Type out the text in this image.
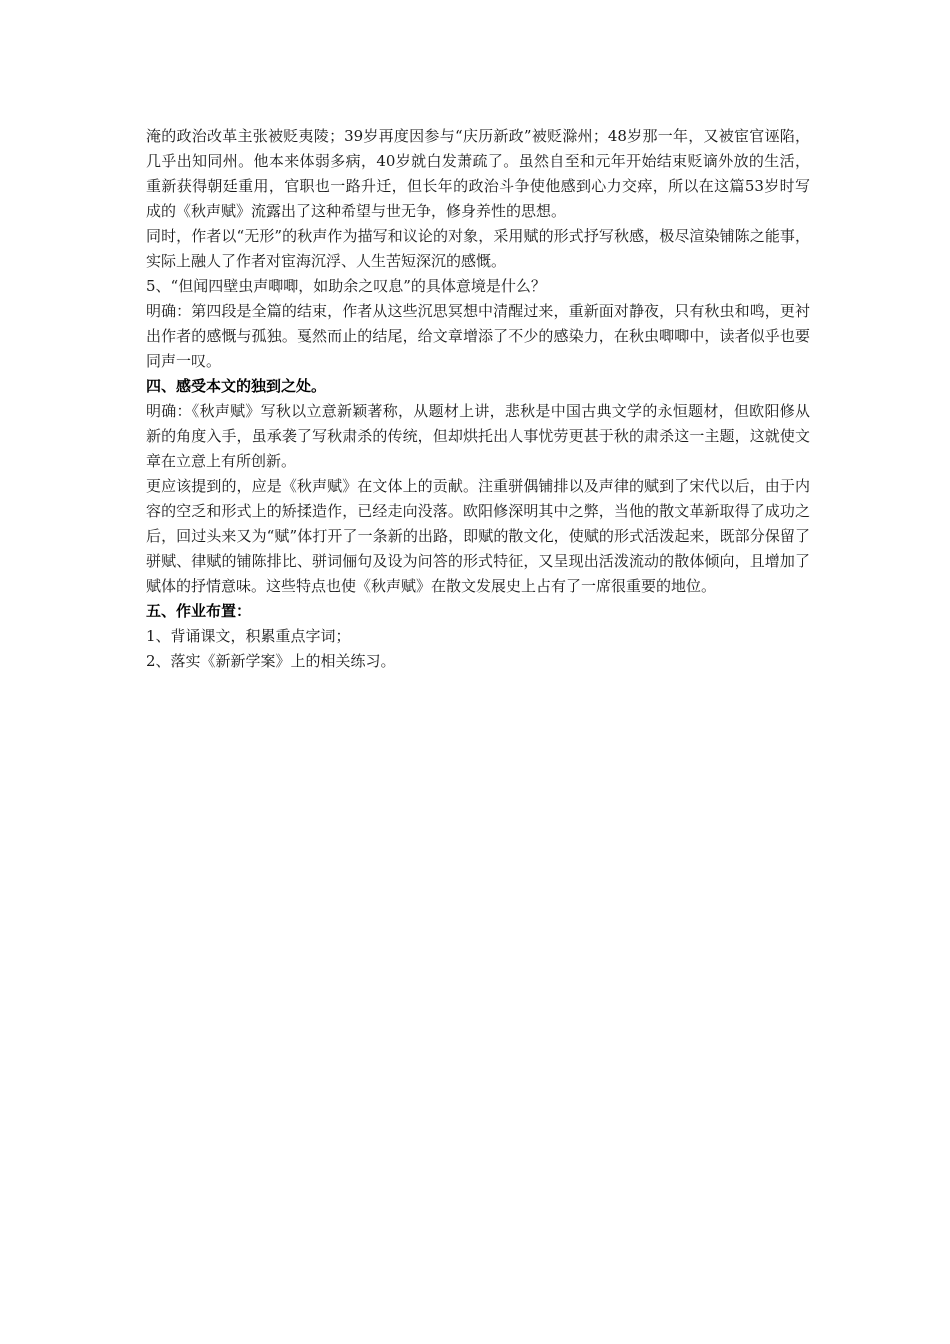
淹的政治改革主张被贬夷陵；39岁再度因参与“庆历新政”被贬滁州；48岁那一年，又被宦官诬陷，几乎出知同州。他本来体弱多病，40岁就白发萧疏了。虽然自至和元年开始结束贬谪外放的生活，重新获得朝廷重用，官职也一路升迁，但长年的政治斗争使他感到心力交瘁，所以在这篇53岁时写成的《秋声赋》流露出了这种希望与世无争，修身养性的思想。

同时，作者以“无形”的秋声作为描写和议论的对象，采用赋的形式抒写秋感，极尽渲染铺陈之能事，实际上融人了作者对宦海沉浮、人生苦短深沉的感慨。

5、“但闻四壁虫声唧唧，如助余之叹息”的具体意境是什么？

明确：第四段是全篇的结束，作者从这些沉思冥想中清醒过来，重新面对静夜，只有秋虫和鸣，更衬出作者的感慨与孤独。戛然而止的结尾，给文章增添了不少的感染力，在秋虫唧唧中，读者似乎也要同声一叹。

四、感受本文的独到之处。

明确：《秋声赋》写秋以立意新颖著称，从题材上讲，悲秋是中国古典文学的永恒题材，但欧阳修从新的角度入手，虽承袭了写秋肃杀的传统，但却烘托出人事忧劳更甚于秋的肃杀这一主题，这就使文章在立意上有所创新。

更应该提到的，应是《秋声赋》在文体上的贡献。注重骈偶铺排以及声律的赋到了宋代以后，由于内容的空乏和形式上的矫揉造作，已经走向没落。欧阳修深明其中之弊，当他的散文革新取得了成功之后，回过头来又为“赋”体打开了一条新的出路，即赋的散文化，使赋的形式活泼起来，既部分保留了骈赋、律赋的铺陈排比、骈词俪句及设为问答的形式特征，又呈现出活泼流动的散体倾向，且增加了赋体的抒情意味。这些特点也使《秋声赋》在散文发展史上占有了一席很重要的地位。

五、作业布置：

1、背诵课文，积累重点字词；

2、落实《新新学案》上的相关练习。
